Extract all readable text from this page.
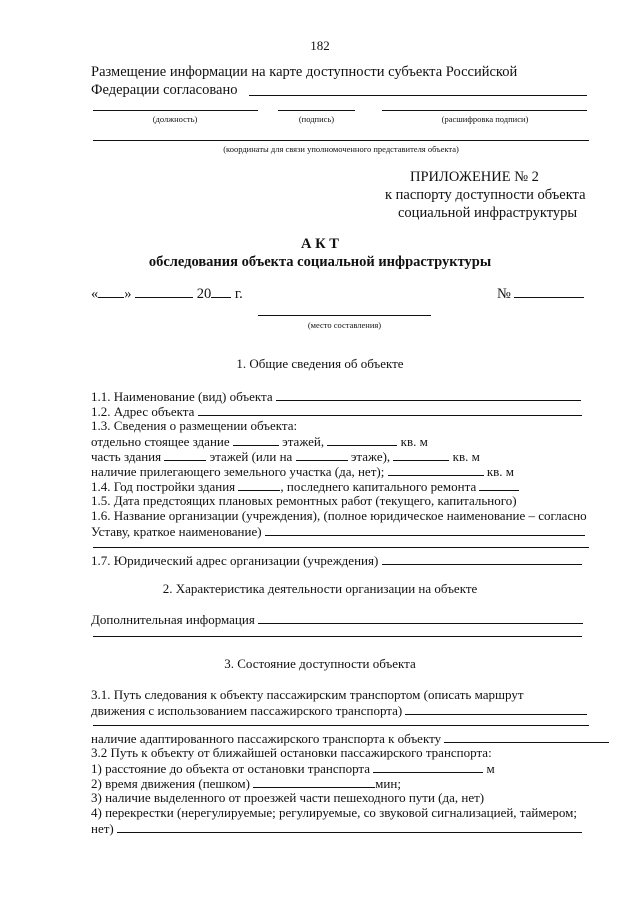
182
Размещение информации на карте доступности субъекта Российской
Федерации согласовано
(должность)	(подпись)	(расшифровка подписи)
(координаты для связи уполномоченного представителя объекта)
ПРИЛОЖЕНИЕ № 2
к паспорту доступности объекта
социальной инфраструктуры
А К Т
обследования объекта социальной инфраструктуры
« »	20 г.	№
(место составления)
1. Общие сведения об объекте
1.1. Наименование (вид) объекта
1.2. Адрес объекта
1.3. Сведения о размещении объекта:
отдельно стоящее здание	этажей,	кв. м
часть здания	этажей (или на	этаже),	кв. м
наличие прилегающего земельного участка (да, нет);	кв. м
1.4. Год постройки здания	, последнего капитального ремонта
1.5. Дата предстоящих плановых ремонтных работ (текущего, капитального)
1.6. Название организации (учреждения), (полное юридическое наименование – согласно
Уставу, краткое наименование)
1.7. Юридический адрес организации (учреждения)
2. Характеристика деятельности организации на объекте
Дополнительная информация
3. Состояние доступности объекта
3.1. Путь следования к объекту пассажирским транспортом (описать маршрут
движения с использованием пассажирского транспорта)
наличие адаптированного пассажирского транспорта к объекту
3.2 Путь к объекту от ближайшей остановки пассажирского транспорта:
1) расстояние до объекта от остановки транспорта	м
2) время движения (пешком)	мин;
3) наличие выделенного от проезжей части пешеходного пути (да, нет)
4) перекрестки (нерегулируемые; регулируемые, со звуковой сигнализацией, таймером;
нет)
